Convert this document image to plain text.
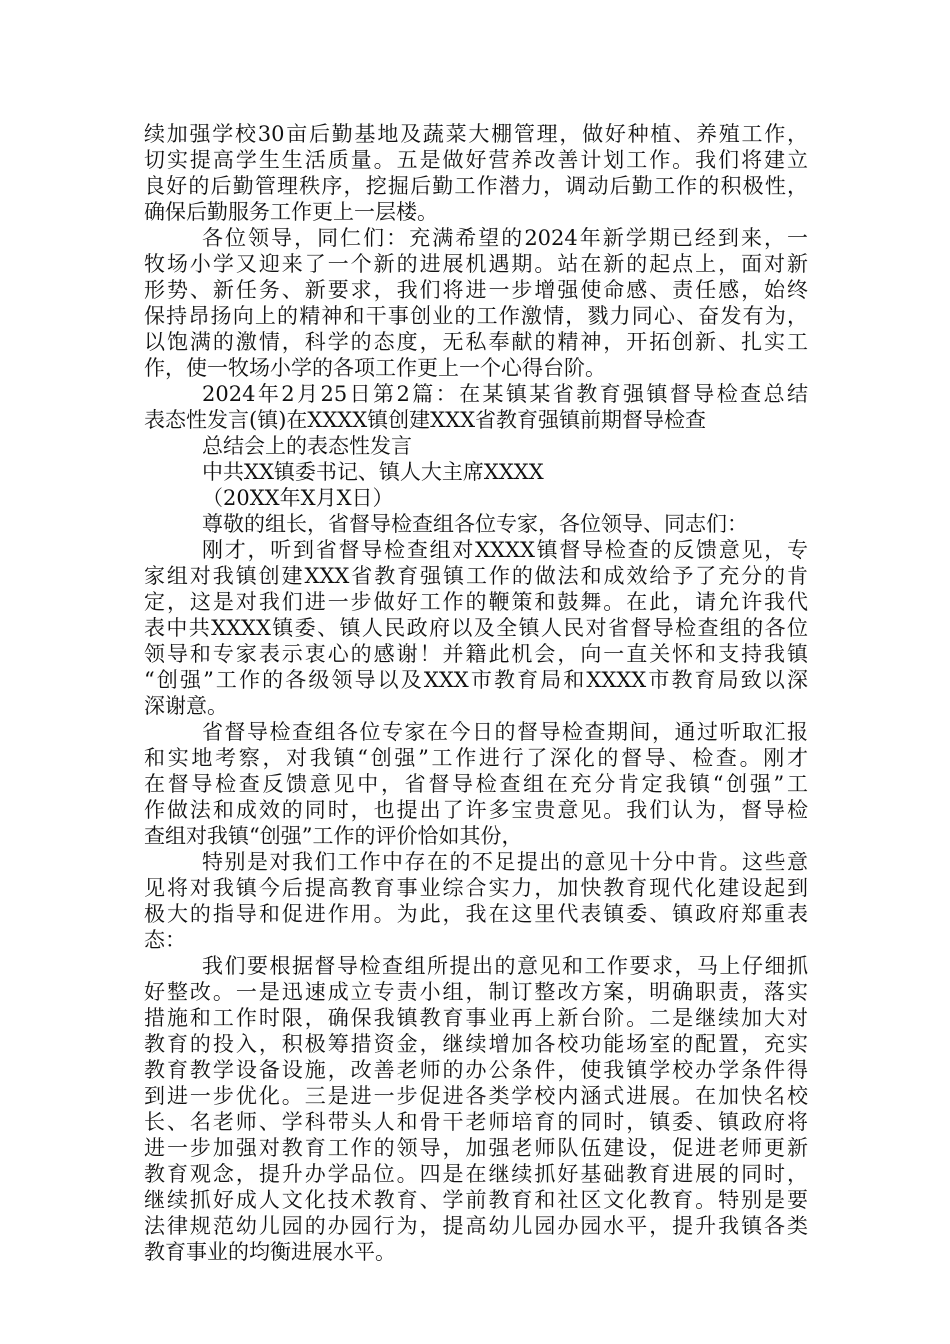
续加强学校30亩后勤基地及蔬菜大棚管理，做好种植、养殖工作，
切实提高学生生活质量。五是做好营养改善计划工作。我们将建立
良好的后勤管理秩序，挖掘后勤工作潜力，调动后勤工作的积极性，
确保后勤服务工作更上一层楼。
各位领导，同仁们：充满希望的2024年新学期已经到来，一
牧场小学又迎来了一个新的进展机遇期。站在新的起点上，面对新
形势、新任务、新要求，我们将进一步增强使命感、责任感，始终
保持昂扬向上的精神和干事创业的工作激情，戮力同心、奋发有为，
以饱满的激情，科学的态度，无私奉献的精神，开拓创新、扎实工
作，使一牧场小学的各项工作更上一个心得台阶。
2024年2月25日第2篇：在某镇某省教育强镇督导检查总结
表态性发言(镇)在XXXX镇创建XXX省教育强镇前期督导检查
总结会上的表态性发言
中共XX镇委书记、镇人大主席XXXX
（20XX年X月X日）
尊敬的组长，省督导检查组各位专家，各位领导、同志们：
刚才，听到省督导检查组对XXXX镇督导检查的反馈意见，专
家组对我镇创建XXX省教育强镇工作的做法和成效给予了充分的肯
定，这是对我们进一步做好工作的鞭策和鼓舞。在此，请允许我代
表中共XXXX镇委、镇人民政府以及全镇人民对省督导检查组的各位
领导和专家表示衷心的感谢！并籍此机会，向一直关怀和支持我镇
“创强”工作的各级领导以及XXX市教育局和XXXX市教育局致以深
深谢意。
省督导检查组各位专家在今日的督导检查期间，通过听取汇报
和实地考察，对我镇“创强”工作进行了深化的督导、检查。刚才
在督导检查反馈意见中，省督导检查组在充分肯定我镇“创强”工
作做法和成效的同时，也提出了许多宝贵意见。我们认为，督导检
查组对我镇“创强”工作的评价恰如其份，
特别是对我们工作中存在的不足提出的意见十分中肯。这些意
见将对我镇今后提高教育事业综合实力，加快教育现代化建设起到
极大的指导和促进作用。为此，我在这里代表镇委、镇政府郑重表
态：
我们要根据督导检查组所提出的意见和工作要求，马上仔细抓
好整改。一是迅速成立专责小组，制订整改方案，明确职责，落实
措施和工作时限，确保我镇教育事业再上新台阶。二是继续加大对
教育的投入，积极筹措资金，继续增加各校功能场室的配置，充实
教育教学设备设施，改善老师的办公条件，使我镇学校办学条件得
到进一步优化。三是进一步促进各类学校内涵式进展。在加快名校
长、名老师、学科带头人和骨干老师培育的同时，镇委、镇政府将
进一步加强对教育工作的领导，加强老师队伍建设，促进老师更新
教育观念，提升办学品位。四是在继续抓好基础教育进展的同时，
继续抓好成人文化技术教育、学前教育和社区文化教育。特别是要
法律规范幼儿园的办园行为，提高幼儿园办园水平，提升我镇各类
教育事业的均衡进展水平。
